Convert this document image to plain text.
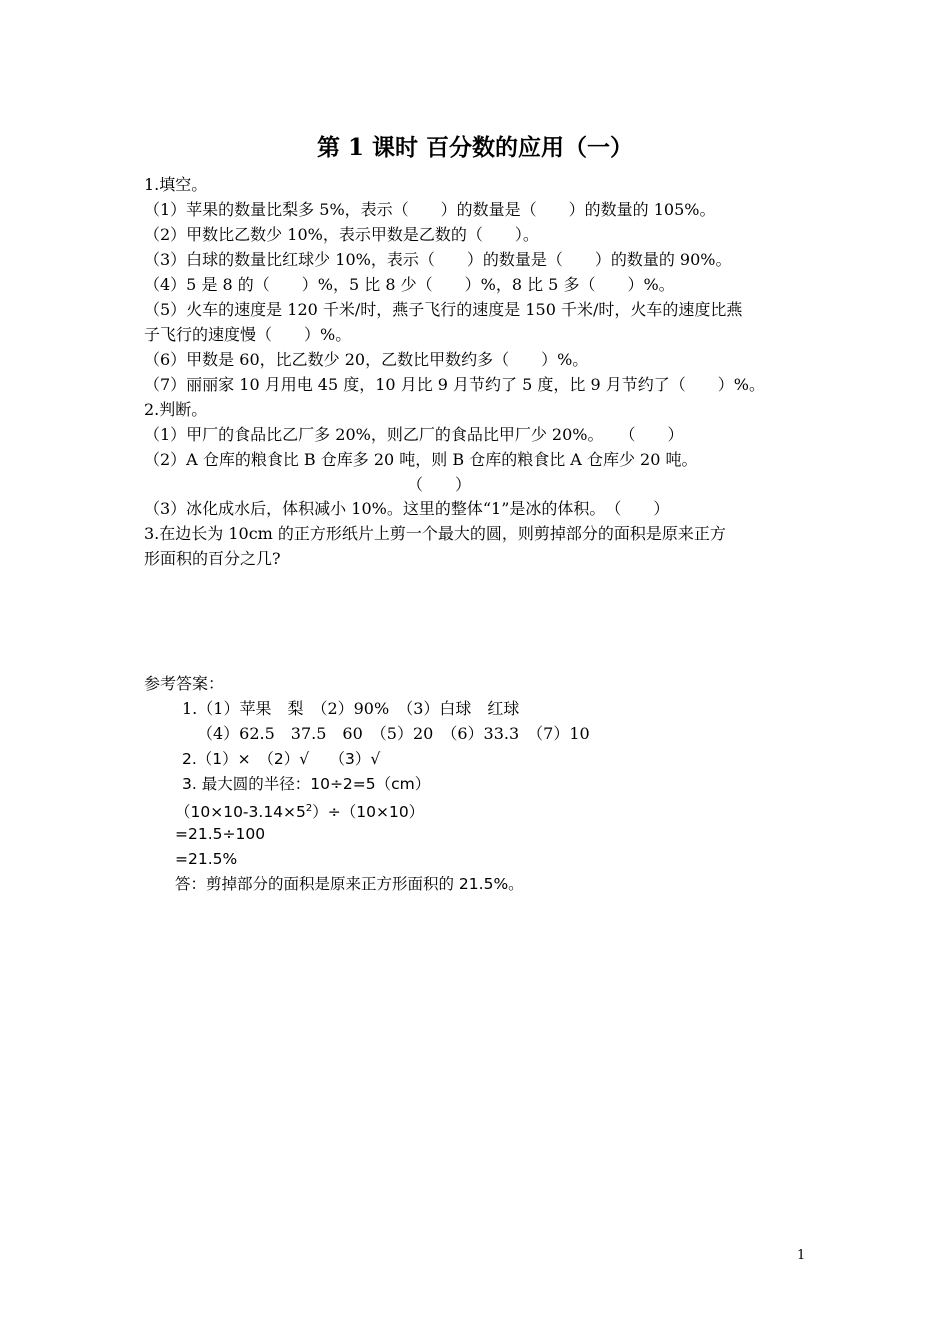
第 1 课时 百分数的应用（一）
1.填空。
（1）苹果的数量比梨多 5%，表示（　　）的数量是（　　）的数量的 105%。
（2）甲数比乙数少 10%，表示甲数是乙数的（　　）。
（3）白球的数量比红球少 10%，表示（　　）的数量是（　　）的数量的 90%。
（4）5 是 8 的（　　）%，5 比 8 少（　　）%，8 比 5 多（　　）%。
（5）火车的速度是 120 千米/时，燕子飞行的速度是 150 千米/时，火车的速度比燕
子飞行的速度慢（　　）%。
（6）甲数是 60，比乙数少 20，乙数比甲数约多（　　）%。
（7）丽丽家 10 月用电 45 度，10 月比 9 月节约了 5 度，比 9 月节约了（　　）%。
2.判断。
（1）甲厂的食品比乙厂多 20%，则乙厂的食品比甲厂少 20%。　　（　　）
（2）A 仓库的粮食比 B 仓库多 20 吨，则 B 仓库的粮食比 A 仓库少 20 吨。
（　　）
（3）冰化成水后，体积减小 10%。这里的整体“1”是冰的体积。　（　　）
3.在边长为 10cm 的正方形纸片上剪一个最大的圆，则剪掉部分的面积是原来正方
形面积的百分之几?
参考答案：
1.（1）苹果　梨　（2）90%　（3）白球　红球
（4）62.5　37.5　60　（5）20　（6）33.3　（7）10
2.（1）×　（2）√　 （3）√
3. 最大圆的半径：10÷2=5（cm）
$(10\times 10-3.14\times 5^2)\div(10\times 10)$
=21.5÷100
=21.5%
答：剪掉部分的面积是原来正方形面积的 21.5%。
1
